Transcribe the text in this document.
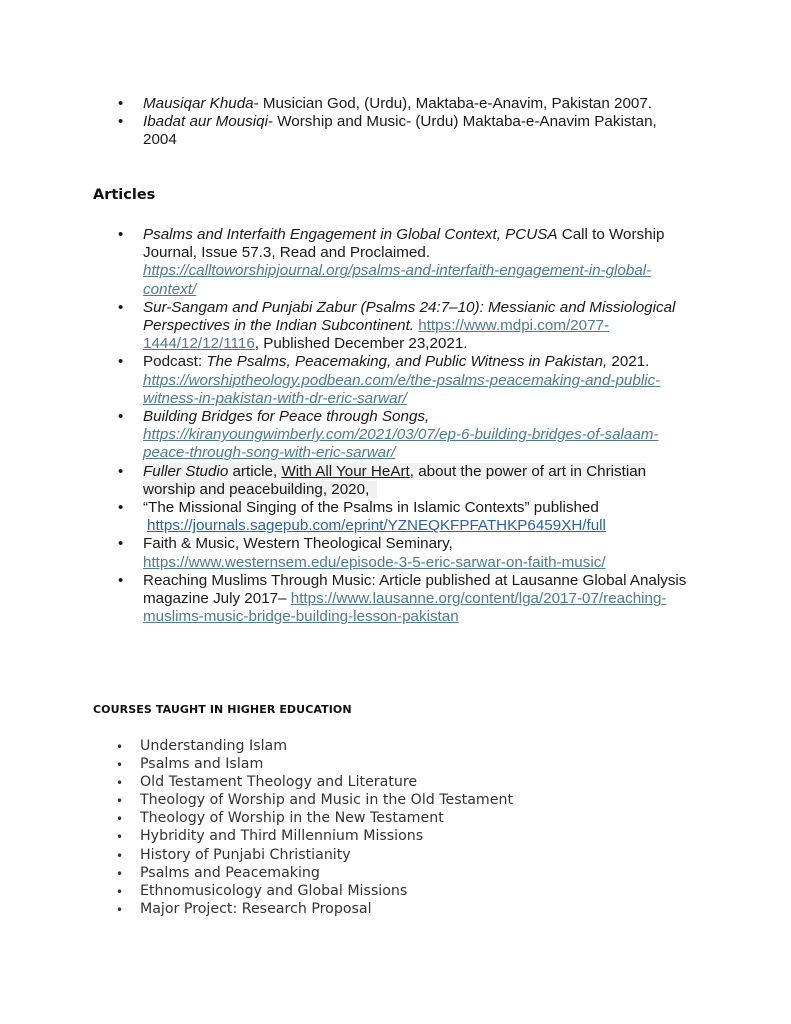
• Mausiqar Khuda- Musician God, (Urdu), Maktaba-e-Anavim, Pakistan 2007.
• Ibadat aur Mousiqi- Worship and Music- (Urdu) Maktaba-e-Anavim Pakistan,
2004
Articles
• Psalms and Interfaith Engagement in Global Context, PCUSA Call to Worship
Journal, Issue 57.3, Read and Proclaimed.
https://calltoworshipjournal.org/psalms-and-interfaith-engagement-in-global-
context/
• Sur-Sangam and Punjabi Zabur (Psalms 24:7–10): Messianic and Missiological
Perspectives in the Indian Subcontinent. https://www.mdpi.com/2077-
1444/12/12/1116, Published December 23,2021.
• Podcast: The Psalms, Peacemaking, and Public Witness in Pakistan, 2021.
https://worshiptheology.podbean.com/e/the-psalms-peacemaking-and-public-
witness-in-pakistan-with-dr-eric-sarwar/
• Building Bridges for Peace through Songs,
https://kiranyoungwimberly.com/2021/03/07/ep-6-building-bridges-of-salaam-
peace-through-song-with-eric-sarwar/
• Fuller Studio article, With All Your HeArt, about the power of art in Christian
worship and peacebuilding, 2020,
• “The Missional Singing of the Psalms in Islamic Contexts” published
https://journals.sagepub.com/eprint/YZNEQKFPFATHKP6459XH/full
• Faith & Music, Western Theological Seminary,
https://www.westernsem.edu/episode-3-5-eric-sarwar-on-faith-music/
• Reaching Muslims Through Music: Article published at Lausanne Global Analysis
magazine July 2017– https://www.lausanne.org/content/lga/2017-07/reaching-
muslims-music-bridge-building-lesson-pakistan
COURSES TAUGHT IN HIGHER EDUCATION
• Understanding Islam
• Psalms and Islam
• Old Testament Theology and Literature
• Theology of Worship and Music in the Old Testament
• Theology of Worship in the New Testament
• Hybridity and Third Millennium Missions
• History of Punjabi Christianity
• Psalms and Peacemaking
• Ethnomusicology and Global Missions
• Major Project: Research Proposal
